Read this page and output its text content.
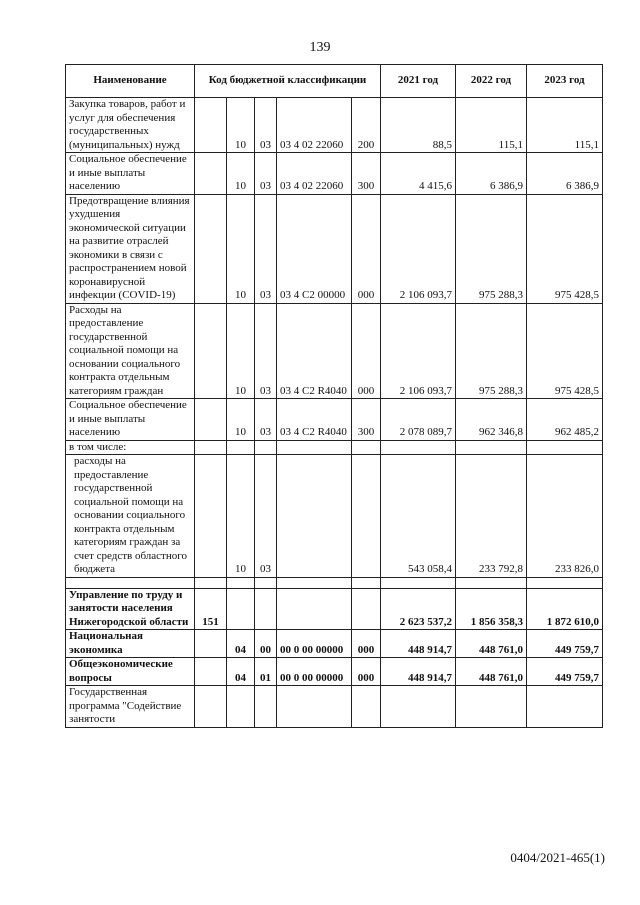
139
Наименование	Код бюджетной классификации					2021 год	2022 год	2023 год
Закупка товаров, работ и услуг для обеспечения государственных (муниципальных) нужд		10	03	03 4 02 22060	200	88,5	115,1	115,1
Социальное обеспечение и иные выплаты населению		10	03	03 4 02 22060	300	4 415,6	6 386,9	6 386,9
Предотвращение влияния ухудшения экономической ситуации на развитие отраслей экономики в связи с распространением новой коронавирусной инфекции (COVID-19)		10	03	03 4 C2 00000	000	2 106 093,7	975 288,3	975 428,5
Расходы на предоставление государственной социальной помощи на основании социального контракта отдельным категориям граждан		10	03	03 4 C2 R4040	000	2 106 093,7	975 288,3	975 428,5
Социальное обеспечение и иные выплаты населению		10	03	03 4 C2 R4040	300	2 078 089,7	962 346,8	962 485,2
в том числе:								
расходы на предоставление государственной социальной помощи на основании социального контракта отдельным категориям граждан за счет средств областного бюджета		10	03			543 058,4	233 792,8	233 826,0

Управление по труду и занятости населения Нижегородской области	151					2 623 537,2	1 856 358,3	1 872 610,0
Национальная экономика		04	00	00 0 00 00000	000	448 914,7	448 761,0	449 759,7
Общеэкономические вопросы		04	01	00 0 00 00000	000	448 914,7	448 761,0	449 759,7
Государственная программа "Содействие занятости								
0404/2021-465(1)
